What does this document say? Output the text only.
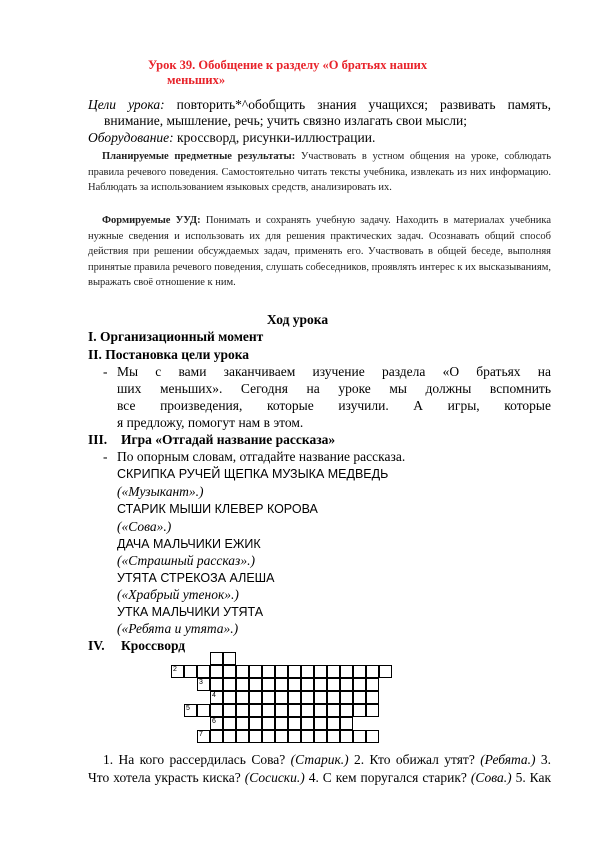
Урок 39. Обобщение к разделу «О братьях наших
меньших»
Цели урока: повторить*^обобщить знания учащихся; развивать память,
внимание, мышление, речь; учить связно излагать свои мысли;
Оборудование: кроссворд, рисунки-иллюстрации.
Планируемые предметные результаты: Участвовать в устном общения на уроке, соблюдать правила речевого поведения. Самостоятельно читать тексты учебника, извлекать из них информацию. Наблюдать за использованием языковых средств, анализировать их.
Формируемые УУД: Понимать и сохранять учебную задачу. Находить в материалах учебника нужные сведения и использовать их для решения практических задач. Осознавать общий способ действия при решении обсуждаемых задач, применять его. Участвовать в общей беседе, выполняя принятые правила речевого поведения, слушать собеседников, проявлять интерес к их высказываниям, выражать своё отношение к ним.
Ход урока
I. Организационный момент
II. Постановка цели урока
- Мы с вами заканчиваем изучение раздела «О братьях на
ших меньших». Сегодня на уроке мы должны вспомнить
все произведения, которые изучили. А игры, которые
я предложу, помогут нам в этом.
III. Игра «Отгадай название рассказа»
- По опорным словам, отгадайте название рассказа.
СКРИПКА РУЧЕЙ ЩЕПКА МУЗЫКА МЕДВЕДЬ
(«Музыкант».)
СТАРИК МЫШИ КЛЕВЕР КОРОВА
(«Сова».)
ДАЧА МАЛЬЧИКИ ЕЖИК
(«Страшный рассказ».)
УТЯТА СТРЕКОЗА АЛЕША
(«Храбрый утенок».)
УТКА МАЛЬЧИКИ УТЯТА
(«Ребята и утята».)
IV. Кроссворд
2
3
4
5
6
7
1. На кого рассердилась Сова? (Старик.) 2. Кто обижал утят? (Ребята.) 3.
Что хотела украсть киска? (Сосиски.) 4. С кем поругался старик? (Сова.) 5. Как
